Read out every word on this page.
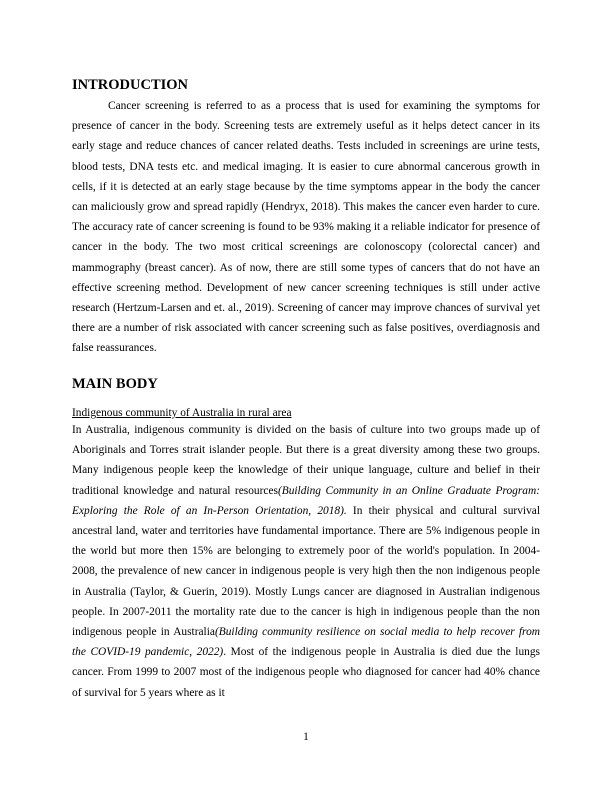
INTRODUCTION

Cancer screening is referred to as a process that is used for examining the symptoms for presence of cancer in the body. Screening tests are extremely useful as it helps detect cancer in its early stage and reduce chances of cancer related deaths. Tests included in screenings are urine tests, blood tests, DNA tests etc. and medical imaging. It is easier to cure abnormal cancerous growth in cells, if it is detected at an early stage because by the time symptoms appear in the body the cancer can maliciously grow and spread rapidly (Hendryx, 2018). This makes the cancer even harder to cure. The accuracy rate of cancer screening is found to be 93% making it a reliable indicator for presence of cancer in the body. The two most critical screenings are colonoscopy (colorectal cancer) and mammography (breast cancer). As of now, there are still some types of cancers that do not have an effective screening method. Development of new cancer screening techniques is still under active research (Hertzum-Larsen and et. al., 2019). Screening of cancer may improve chances of survival yet there are a number of risk associated with cancer screening such as false positives, overdiagnosis and false reassurances.

MAIN BODY
Indigenous community of Australia in rural area

In Australia, indigenous community is divided on the basis of culture into two groups made up of Aboriginals and Torres strait islander people. But there is a great diversity among these two groups. Many indigenous people keep the knowledge of their unique language, culture and belief in their traditional knowledge and natural resources(Building Community in an Online Graduate Program: Exploring the Role of an In-Person Orientation, 2018). In their physical and cultural survival ancestral land, water and territories have fundamental importance. There are 5% indigenous people in the world but more then 15% are belonging to extremely poor of the world's population. In 2004-2008, the prevalence of new cancer in indigenous people is very high then the non indigenous people in Australia (Taylor, & Guerin, 2019). Mostly Lungs cancer are diagnosed in Australian indigenous people. In 2007-2011 the mortality rate due to the cancer is high in indigenous people than the non indigenous people in Australia(Building community resilience on social media to help recover from the COVID-19 pandemic, 2022). Most of the indigenous people in Australia is died due the lungs cancer. From 1999 to 2007 most of the indigenous people who diagnosed for cancer had 40% chance of survival for 5 years where as it

1
